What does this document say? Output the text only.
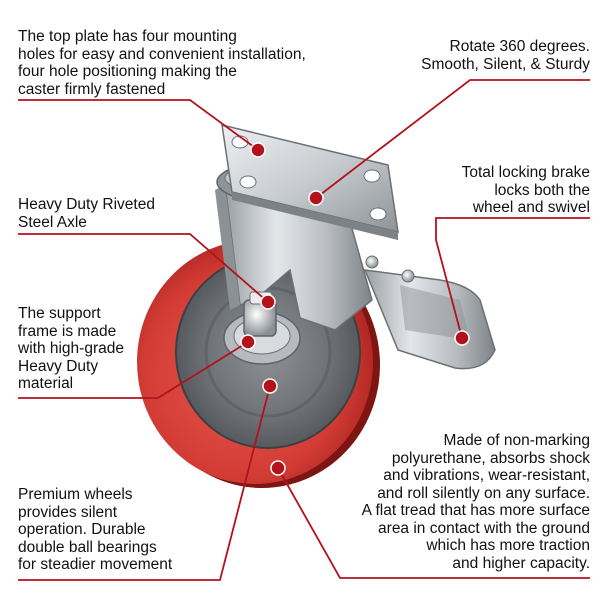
The top plate has four mounting
holes for easy and convenient installation,
four hole positioning making the
caster firmly fastened
Rotate 360 degrees.
Smooth, Silent, & Sturdy
Total locking brake
locks both the
wheel and swivel
Heavy Duty Riveted
Steel Axle
The support
frame is made
with high-grade
Heavy Duty
material
Made of non-marking
polyurethane, absorbs shock
and vibrations, wear-resistant,
and roll silently on any surface.
A flat tread that has more surface
area in contact with the ground
which has more traction
and higher capacity.
Premium wheels
provides silent
operation. Durable
double ball bearings
for steadier movement
